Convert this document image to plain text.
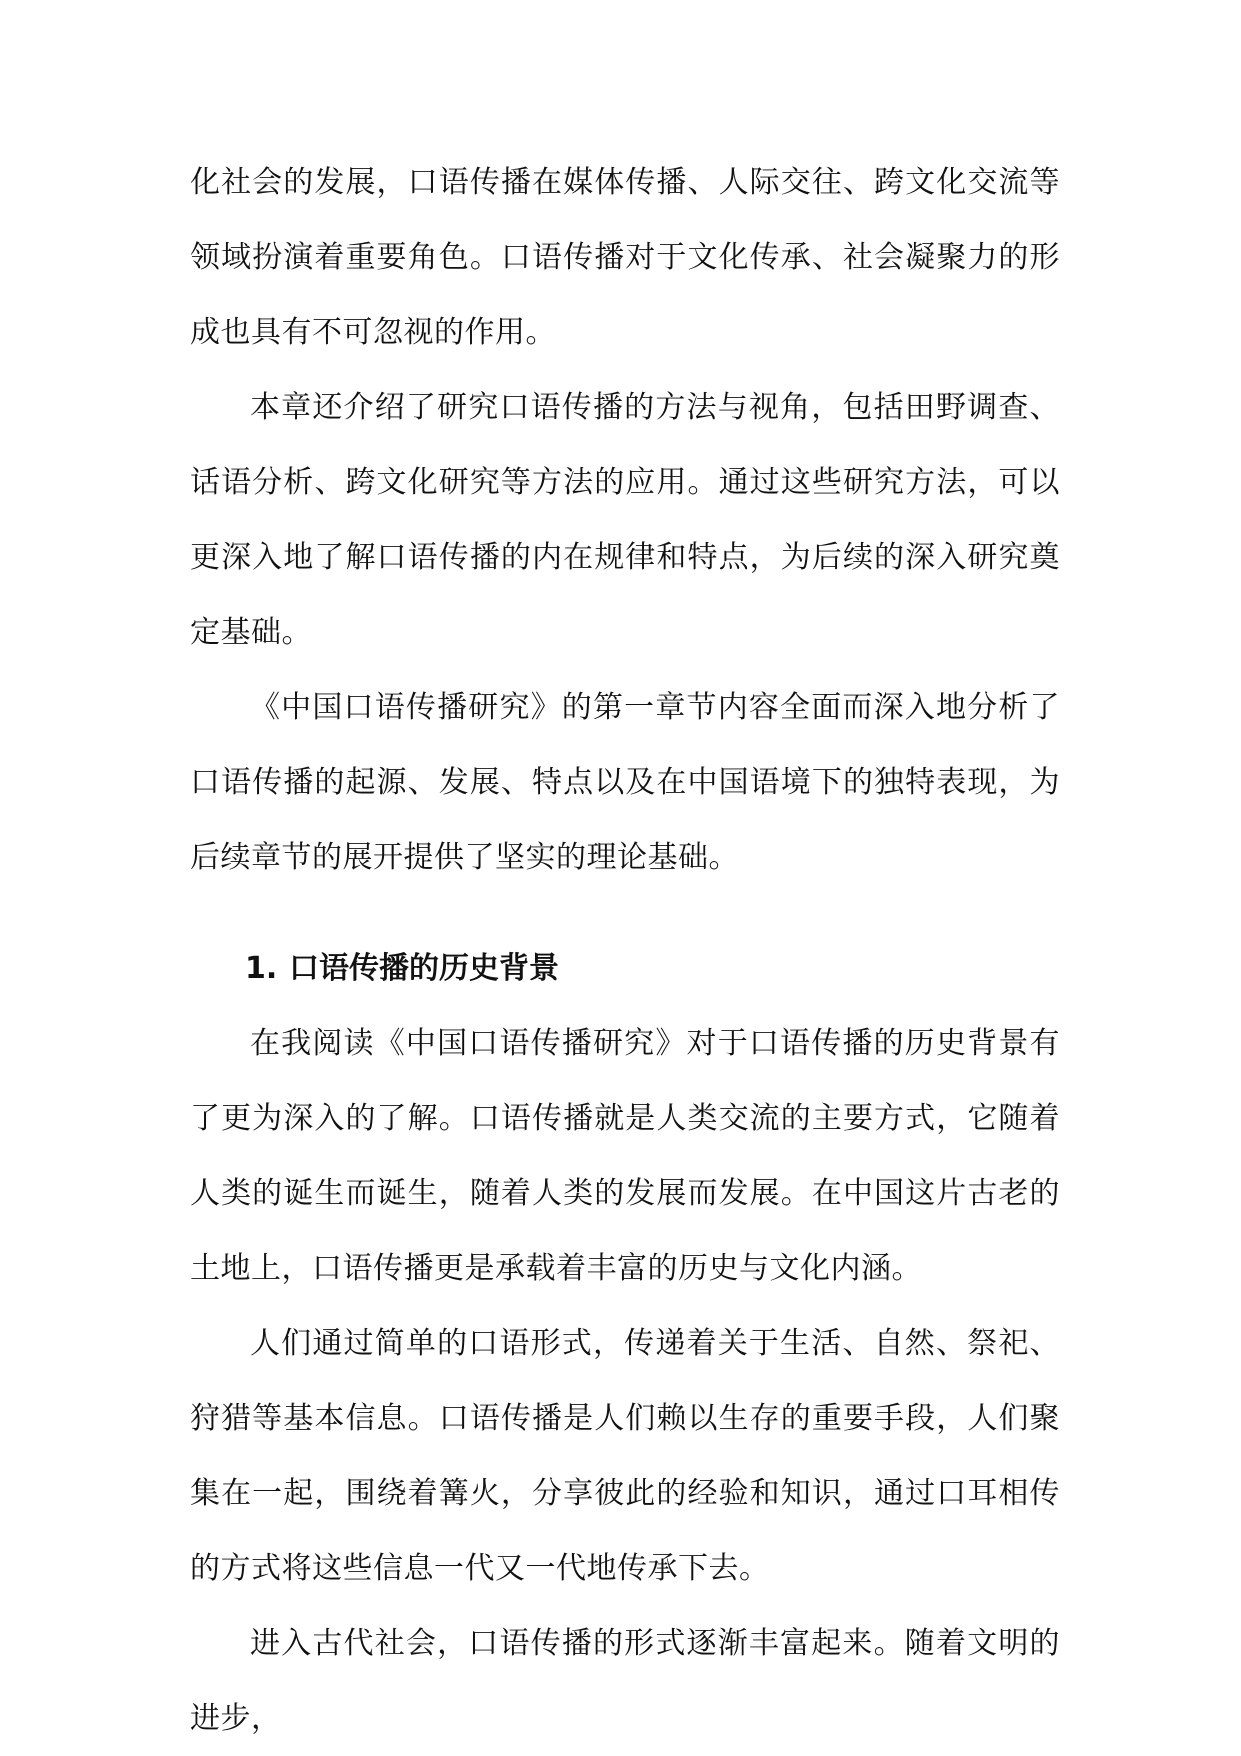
化社会的发展，口语传播在媒体传播、人际交往、跨文化交流等领域扮演着重要角色。口语传播对于文化传承、社会凝聚力的形成也具有不可忽视的作用。

本章还介绍了研究口语传播的方法与视角，包括田野调查、话语分析、跨文化研究等方法的应用。通过这些研究方法，可以更深入地了解口语传播的内在规律和特点，为后续的深入研究奠定基础。

《中国口语传播研究》的第一章节内容全面而深入地分析了口语传播的起源、发展、特点以及在中国语境下的独特表现，为后续章节的展开提供了坚实的理论基础。

1. 口语传播的历史背景

在我阅读《中国口语传播研究》对于口语传播的历史背景有了更为深入的了解。口语传播就是人类交流的主要方式，它随着人类的诞生而诞生，随着人类的发展而发展。在中国这片古老的土地上，口语传播更是承载着丰富的历史与文化内涵。

人们通过简单的口语形式，传递着关于生活、自然、祭祀、狩猎等基本信息。口语传播是人们赖以生存的重要手段，人们聚集在一起，围绕着篝火，分享彼此的经验和知识，通过口耳相传的方式将这些信息一代又一代地传承下去。

进入古代社会，口语传播的形式逐渐丰富起来。随着文明的进步，
